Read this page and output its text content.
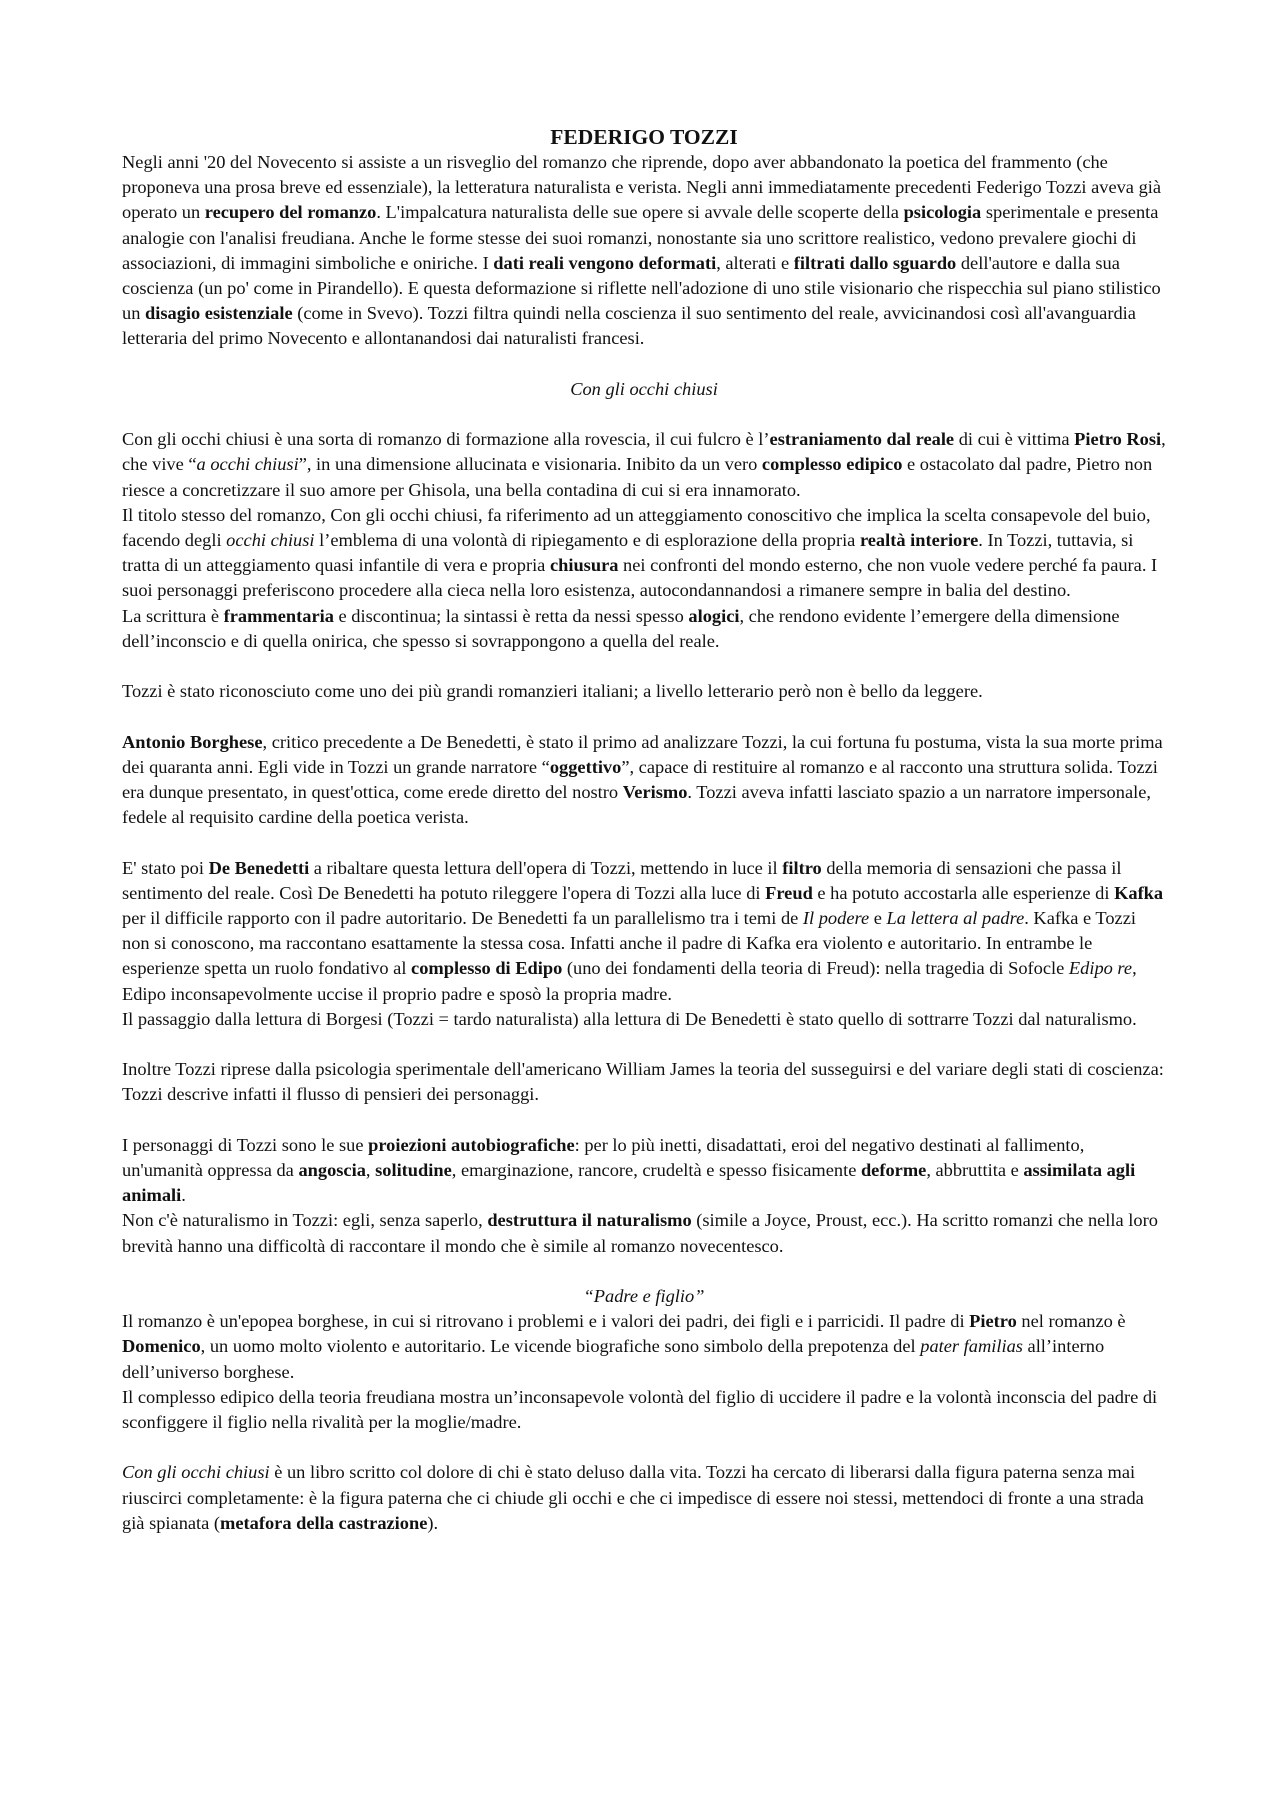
FEDERIGO TOZZI

Negli anni '20 del Novecento si assiste a un risveglio del romanzo che riprende, dopo aver abbandonato la poetica del frammento (che proponeva una prosa breve ed essenziale), la letteratura naturalista e verista. Negli anni immediatamente precedenti Federigo Tozzi aveva già operato un recupero del romanzo. L'impalcatura naturalista delle sue opere si avvale delle scoperte della psicologia sperimentale e presenta analogie con l'analisi freudiana. Anche le forme stesse dei suoi romanzi, nonostante sia uno scrittore realistico, vedono prevalere giochi di associazioni, di immagini simboliche e oniriche. I dati reali vengono deformati, alterati e filtrati dallo sguardo dell'autore e dalla sua coscienza (un po' come in Pirandello). E questa deformazione si riflette nell'adozione di uno stile visionario che rispecchia sul piano stilistico un disagio esistenziale (come in Svevo). Tozzi filtra quindi nella coscienza il suo sentimento del reale, avvicinandosi così all'avanguardia letteraria del primo Novecento e allontanandosi dai naturalisti francesi.

Con gli occhi chiusi

Con gli occhi chiusi è una sorta di romanzo di formazione alla rovescia, il cui fulcro è l’estraniamento dal reale di cui è vittima Pietro Rosi, che vive “a occhi chiusi”, in una dimensione allucinata e visionaria. Inibito da un vero complesso edipico e ostacolato dal padre, Pietro non riesce a concretizzare il suo amore per Ghisola, una bella contadina di cui si era innamorato.

Il titolo stesso del romanzo, Con gli occhi chiusi, fa riferimento ad un atteggiamento conoscitivo che implica la scelta consapevole del buio, facendo degli occhi chiusi l’emblema di una volontà di ripiegamento e di esplorazione della propria realtà interiore. In Tozzi, tuttavia, si tratta di un atteggiamento quasi infantile di vera e propria chiusura nei confronti del mondo esterno, che non vuole vedere perché fa paura. I suoi personaggi preferiscono procedere alla cieca nella loro esistenza, autocondannandosi a rimanere sempre in balia del destino.

La scrittura è frammentaria e discontinua; la sintassi è retta da nessi spesso alogici, che rendono evidente l’emergere della dimensione dell’inconscio e di quella onirica, che spesso si sovrappongono a quella del reale.

Tozzi è stato riconosciuto come uno dei più grandi romanzieri italiani; a livello letterario però non è bello da leggere.

Antonio Borghese, critico precedente a De Benedetti, è stato il primo ad analizzare Tozzi, la cui fortuna fu postuma, vista la sua morte prima dei quaranta anni. Egli vide in Tozzi un grande narratore “oggettivo”, capace di restituire al romanzo e al racconto una struttura solida. Tozzi era dunque presentato, in quest'ottica, come erede diretto del nostro Verismo. Tozzi aveva infatti lasciato spazio a un narratore impersonale, fedele al requisito cardine della poetica verista.

E' stato poi De Benedetti a ribaltare questa lettura dell'opera di Tozzi, mettendo in luce il filtro della memoria di sensazioni che passa il sentimento del reale. Così De Benedetti ha potuto rileggere l'opera di Tozzi alla luce di Freud e ha potuto accostarla alle esperienze di Kafka per il difficile rapporto con il padre autoritario. De Benedetti fa un parallelismo tra i temi de Il podere e La lettera al padre. Kafka e Tozzi non si conoscono, ma raccontano esattamente la stessa cosa. Infatti anche il padre di Kafka era violento e autoritario. In entrambe le esperienze spetta un ruolo fondativo al complesso di Edipo (uno dei fondamenti della teoria di Freud): nella tragedia di Sofocle Edipo re, Edipo inconsapevolmente uccise il proprio padre e sposò la propria madre.

Il passaggio dalla lettura di Borgesi (Tozzi = tardo naturalista) alla lettura di De Benedetti è stato quello di sottrarre Tozzi dal naturalismo.

Inoltre Tozzi riprese dalla psicologia sperimentale dell'americano William James la teoria del susseguirsi e del variare degli stati di coscienza: Tozzi descrive infatti il flusso di pensieri dei personaggi.

I personaggi di Tozzi sono le sue proiezioni autobiografiche: per lo più inetti, disadattati, eroi del negativo destinati al fallimento, un'umanità oppressa da angoscia, solitudine, emarginazione, rancore, crudeltà e spesso fisicamente deforme, abbruttita e assimilata agli animali.

Non c'è naturalismo in Tozzi: egli, senza saperlo, destruttura il naturalismo (simile a Joyce, Proust, ecc.). Ha scritto romanzi che nella loro brevità hanno una difficoltà di raccontare il mondo che è simile al romanzo novecentesco.

“Padre e figlio”

Il romanzo è un'epopea borghese, in cui si ritrovano i problemi e i valori dei padri, dei figli e i parricidi. Il padre di Pietro nel romanzo è Domenico, un uomo molto violento e autoritario. Le vicende biografiche sono simbolo della prepotenza del pater familias all’interno dell’universo borghese.

Il complesso edipico della teoria freudiana mostra un’inconsapevole volontà del figlio di uccidere il padre e la volontà inconscia del padre di sconfiggere il figlio nella rivalità per la moglie/madre.

Con gli occhi chiusi è un libro scritto col dolore di chi è stato deluso dalla vita. Tozzi ha cercato di liberarsi dalla figura paterna senza mai riuscirci completamente: è la figura paterna che ci chiude gli occhi e che ci impedisce di essere noi stessi, mettendoci di fronte a una strada già spianata (metafora della castrazione).
